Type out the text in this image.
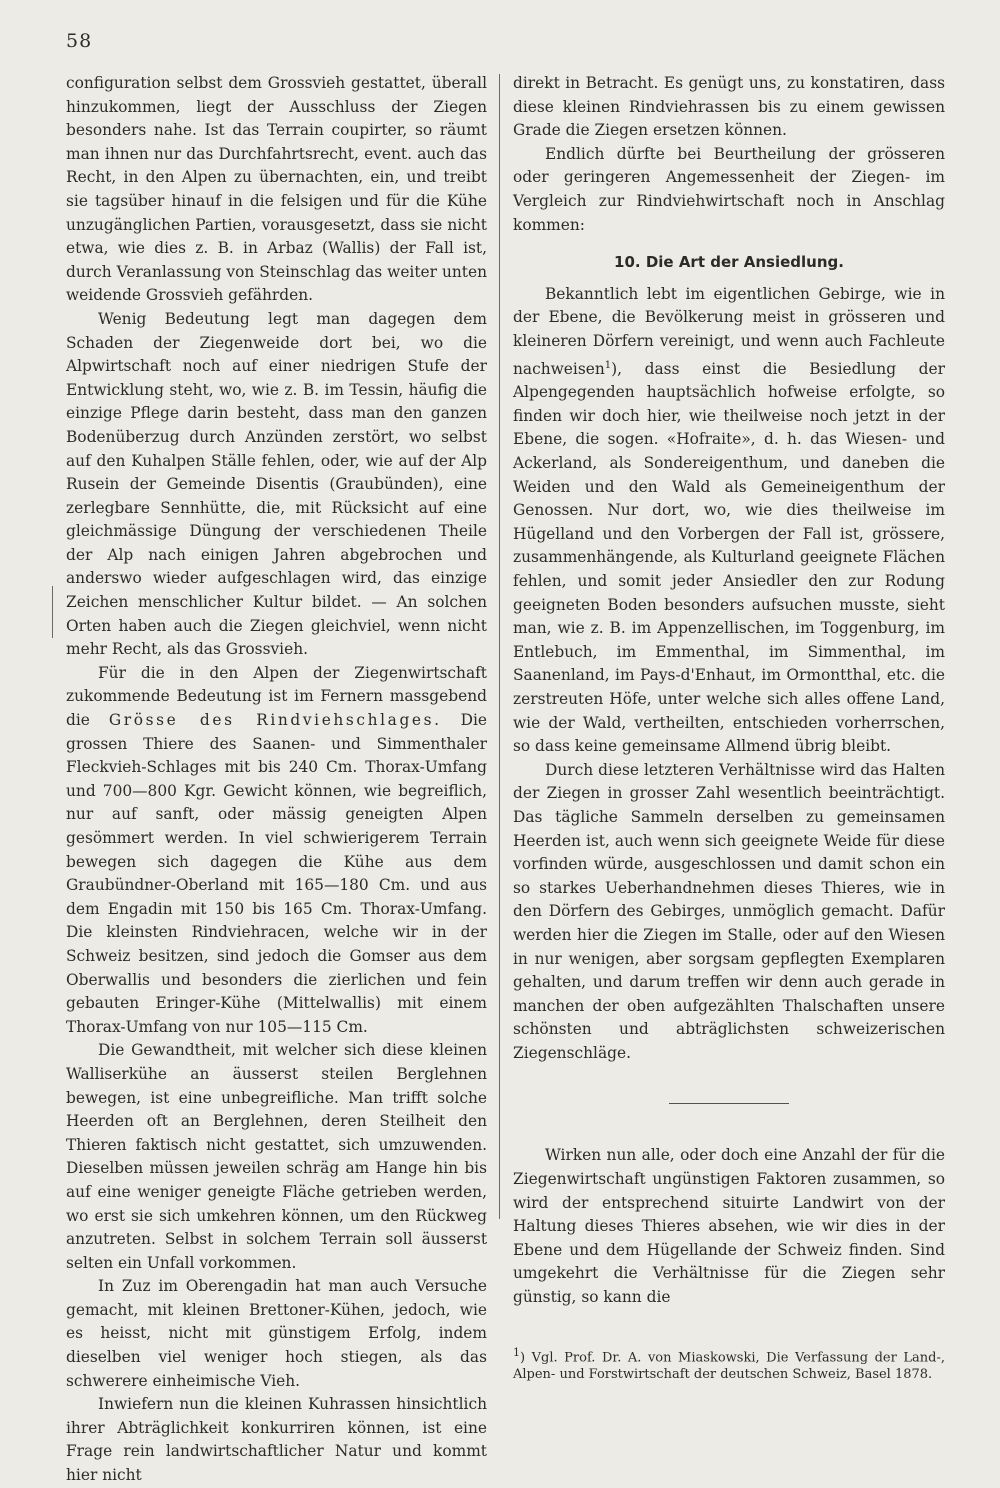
58

configuration selbst dem Grossvieh gestattet, überall hinzukommen, liegt der Ausschluss der Ziegen besonders nahe. Ist das Terrain coupirter, so räumt man ihnen nur das Durchfahrtsrecht, event. auch das Recht, in den Alpen zu übernachten, ein, und treibt sie tagsüber hinauf in die felsigen und für die Kühe unzugänglichen Partien, vorausgesetzt, dass sie nicht etwa, wie dies z. B. in Arbaz (Wallis) der Fall ist, durch Veranlassung von Steinschlag das weiter unten weidende Grossvieh gefährden.

Wenig Bedeutung legt man dagegen dem Schaden der Ziegenweide dort bei, wo die Alpwirtschaft noch auf einer niedrigen Stufe der Entwicklung steht, wo, wie z. B. im Tessin, häufig die einzige Pflege darin besteht, dass man den ganzen Bodenüberzug durch Anzünden zerstört, wo selbst auf den Kuhalpen Ställe fehlen, oder, wie auf der Alp Rusein der Gemeinde Disentis (Graubünden), eine zerlegbare Sennhütte, die, mit Rücksicht auf eine gleichmässige Düngung der verschiedenen Theile der Alp nach einigen Jahren abgebrochen und anderswo wieder aufgeschlagen wird, das einzige Zeichen menschlicher Kultur bildet. — An solchen Orten haben auch die Ziegen gleichviel, wenn nicht mehr Recht, als das Grossvieh.

Für die in den Alpen der Ziegenwirtschaft zukommende Bedeutung ist im Fernern massgebend die Grösse des Rindviehschlages. Die grossen Thiere des Saanen- und Simmenthaler Fleckvieh-Schlages mit bis 240 Cm. Thorax-Umfang und 700—800 Kgr. Gewicht können, wie begreiflich, nur auf sanft, oder mässig geneigten Alpen gesömmert werden. In viel schwierigerem Terrain bewegen sich dagegen die Kühe aus dem Graubündner-Oberland mit 165—180 Cm. und aus dem Engadin mit 150 bis 165 Cm. Thorax-Umfang. Die kleinsten Rindviehracen, welche wir in der Schweiz besitzen, sind jedoch die Gomser aus dem Oberwallis und besonders die zierlichen und fein gebauten Eringer-Kühe (Mittelwallis) mit einem Thorax-Umfang von nur 105—115 Cm.

Die Gewandtheit, mit welcher sich diese kleinen Walliserkühe an äusserst steilen Berglehnen bewegen, ist eine unbegreifliche. Man trifft solche Heerden oft an Berglehnen, deren Steilheit den Thieren faktisch nicht gestattet, sich umzuwenden. Dieselben müssen jeweilen schräg am Hange hin bis auf eine weniger geneigte Fläche getrieben werden, wo erst sie sich umkehren können, um den Rückweg anzutreten. Selbst in solchem Terrain soll äusserst selten ein Unfall vorkommen.

In Zuz im Oberengadin hat man auch Versuche gemacht, mit kleinen Brettoner-Kühen, jedoch, wie es heisst, nicht mit günstigem Erfolg, indem dieselben viel weniger hoch stiegen, als das schwerere einheimische Vieh.

Inwiefern nun die kleinen Kuhrassen hinsichtlich ihrer Abträglichkeit konkurriren können, ist eine Frage rein landwirtschaftlicher Natur und kommt hier nicht

direkt in Betracht. Es genügt uns, zu konstatiren, dass diese kleinen Rindviehrassen bis zu einem gewissen Grade die Ziegen ersetzen können.

Endlich dürfte bei Beurtheilung der grösseren oder geringeren Angemessenheit der Ziegen- im Vergleich zur Rindviehwirtschaft noch in Anschlag kommen:

10. Die Art der Ansiedlung.

Bekanntlich lebt im eigentlichen Gebirge, wie in der Ebene, die Bevölkerung meist in grösseren und kleineren Dörfern vereinigt, und wenn auch Fachleute nachweisen$^1$), dass einst die Besiedlung der Alpengegenden hauptsächlich hofweise erfolgte, so finden wir doch hier, wie theilweise noch jetzt in der Ebene, die sogen. «Hofraite», d. h. das Wiesen- und Ackerland, als Sondereigenthum, und daneben die Weiden und den Wald als Gemeineigenthum der Genossen. Nur dort, wo, wie dies theilweise im Hügelland und den Vorbergen der Fall ist, grössere, zusammenhängende, als Kulturland geeignete Flächen fehlen, und somit jeder Ansiedler den zur Rodung geeigneten Boden besonders aufsuchen musste, sieht man, wie z. B. im Appenzellischen, im Toggenburg, im Entlebuch, im Emmenthal, im Simmenthal, im Saanenland, im Pays-d'Enhaut, im Ormontthal, etc. die zerstreuten Höfe, unter welche sich alles offene Land, wie der Wald, vertheilten, entschieden vorherrschen, so dass keine gemeinsame Allmend übrig bleibt.

Durch diese letzteren Verhältnisse wird das Halten der Ziegen in grosser Zahl wesentlich beeinträchtigt. Das tägliche Sammeln derselben zu gemeinsamen Heerden ist, auch wenn sich geeignete Weide für diese vorfinden würde, ausgeschlossen und damit schon ein so starkes Ueberhandnehmen dieses Thieres, wie in den Dörfern des Gebirges, unmöglich gemacht. Dafür werden hier die Ziegen im Stalle, oder auf den Wiesen in nur wenigen, aber sorgsam gepflegten Exemplaren gehalten, und darum treffen wir denn auch gerade in manchen der oben aufgezählten Thalschaften unsere schönsten und abträglichsten schweizerischen Ziegenschläge.

Wirken nun alle, oder doch eine Anzahl der für die Ziegenwirtschaft ungünstigen Faktoren zusammen, so wird der entsprechend situirte Landwirt von der Haltung dieses Thieres absehen, wie wir dies in der Ebene und dem Hügellande der Schweiz finden. Sind umgekehrt die Verhältnisse für die Ziegen sehr günstig, so kann die

$^1$) Vgl. Prof. Dr. A. von Miaskowski, Die Verfassung der Land-, Alpen- und Forstwirtschaft der deutschen Schweiz, Basel 1878.
